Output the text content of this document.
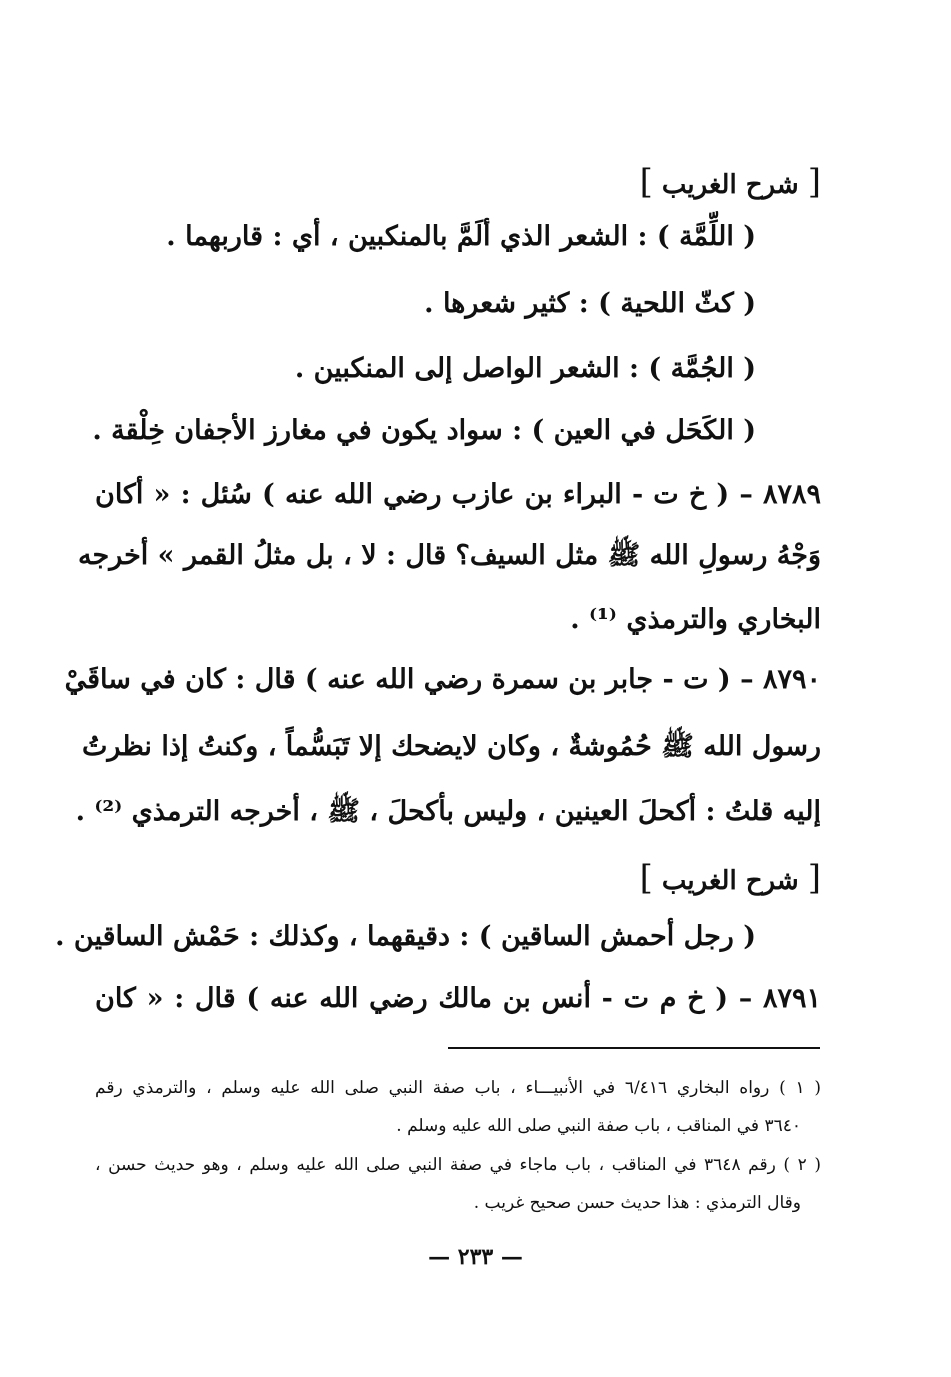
[ شرح الغريب ]
( اللِّمَّة ) : الشعر الذي ألَمَّ بالمنكبين ، أي : قاربهما .
( كثّ اللحية ) : كثير شعرها .
( الجُمَّة ) : الشعر الواصل إلى المنكبين .
( الكَحَل في العين ) : سواد يكون في مغارز الأجفان خِلْقة .
٨٧٨٩ – ( خ ت - البراء بن عازب رضي الله عنه ) سُئل : « أكان
وَجْهُ رسولِ الله ﷺ مثل السيف؟ قال : لا ، بل مثلُ القمر » أخرجه
البخاري والترمذي ⁽¹⁾ .
٨٧٩٠ – ( ت - جابر بن سمرة رضي الله عنه ) قال : كان في ساقَيْ
رسول الله ﷺ حُمُوشةٌ ، وكان لايضحك إلا تَبَسُّماً ، وكنتُ إذا نظرتُ
إليه قلتُ : أكحلَ العينين ، وليس بأكحلَ ، ﷺ ، أخرجه الترمذي ⁽²⁾ .
[ شرح الغريب ]
( رجل أحمش الساقين ) : دقيقهما ، وكذلك : حَمْش الساقين .
٨٧٩١ – ( خ م ت - أنس بن مالك رضي الله عنه ) قال : « كان
( ١ ) رواه البخاري ٦/٤١٦ في الأنبيـــاء ، باب صفة النبي صلى الله عليه وسلم ، والترمذي رقم
٣٦٤٠ في المناقب ، باب صفة النبي صلى الله عليه وسلم .
( ٢ ) رقم ٣٦٤٨ في المناقب ، باب ماجاء في صفة النبي صلى الله عليه وسلم ، وهو حديث حسن ،
وقال الترمذي : هذا حديث حسن صحيح غريب .
— ٢٣٣ —
